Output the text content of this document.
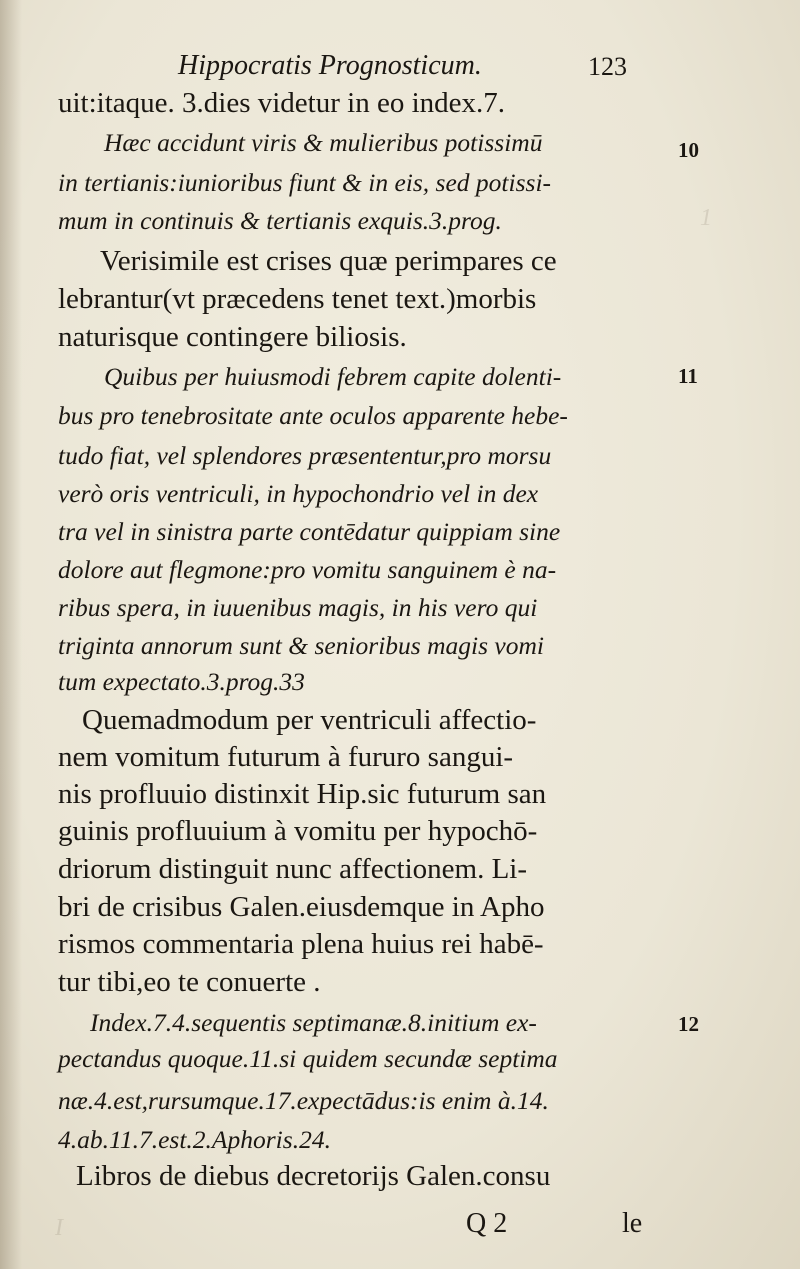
1
I
Hippocratis Prognosticum.	123
uit:itaque. 3.dies videtur in eo index.7.
Hæc accidunt viris & mulieribus potissimū
in tertianis:iunioribus fiunt & in eis, sed potissi-
mum in continuis & tertianis exquis.3.prog.
Verisimile est crises quæ perimpares ce
lebrantur(vt præcedens tenet text.)morbis
naturisque contingere biliosis.
Quibus per huiusmodi febrem capite dolenti-
bus pro tenebrositate ante oculos apparente hebe-
tudo fiat, vel splendores præsententur,pro morsu
verò oris ventriculi, in hypochondrio vel in dex
tra vel in sinistra parte contēdatur quippiam sine
dolore aut flegmone:pro vomitu sanguinem è na-
ribus spera, in iuuenibus magis, in his vero qui
triginta annorum sunt & senioribus magis vomi
tum expectato.3.prog.33
Quemadmodum per ventriculi affectio-
nem vomitum futurum à fururo sangui-
nis profluuio distinxit Hip.sic futurum san
guinis profluuium à vomitu per hypochō-
driorum distinguit nunc affectionem. Li-
bri de crisibus Galen.eiusdemque in Apho
rismos commentaria plena huius rei habē-
tur tibi,eo te conuerte .
Index.7.4.sequentis septimanæ.8.initium ex-
pectandus quoque.11.si quidem secundæ septima
næ.4.est,rursumque.17.expectādus:is enim à.14.
4.ab.11.7.est.2.Aphoris.24.
Libros de diebus decretorijs Galen.consu
10
11
12
Q 2	le
